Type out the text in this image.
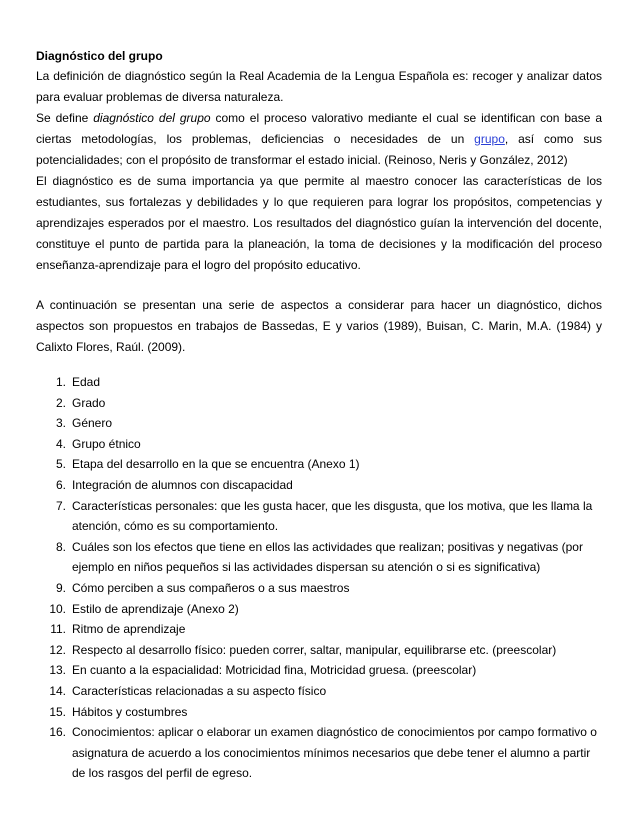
Diagnóstico del grupo

La definición de diagnóstico según la Real Academia de la Lengua Española es: recoger y analizar datos para evaluar problemas de diversa naturaleza.

Se define diagnóstico del grupo como el proceso valorativo mediante el cual se identifican con base a ciertas metodologías, los problemas, deficiencias o necesidades de un grupo, así como sus potencialidades; con el propósito de transformar el estado inicial. (Reinoso, Neris y González, 2012)

El diagnóstico es de suma importancia ya que permite al maestro conocer las características de los estudiantes, sus fortalezas y debilidades y lo que requieren para lograr los propósitos, competencias y aprendizajes esperados por el maestro. Los resultados del diagnóstico guían la intervención del docente, constituye el punto de partida para la planeación, la toma de decisiones y la modificación del proceso enseñanza-aprendizaje para el logro del propósito educativo.

A continuación se presentan una serie de aspectos a considerar para hacer un diagnóstico, dichos aspectos son propuestos en trabajos de Bassedas, E y varios (1989), Buisan, C. Marin, M.A. (1984) y Calixto Flores, Raúl. (2009).

1. Edad
2. Grado
3. Género
4. Grupo étnico
5. Etapa del desarrollo en la que se encuentra (Anexo 1)
6. Integración de alumnos con discapacidad
7. Características personales: que les gusta hacer, que les disgusta, que los motiva, que les llama la atención, cómo es su comportamiento.
8. Cuáles son los efectos que tiene en ellos las actividades que realizan; positivas y negativas (por ejemplo en niños pequeños si las actividades dispersan su atención o si es significativa)
9. Cómo perciben a sus compañeros o a sus maestros
10. Estilo de aprendizaje (Anexo 2)
11. Ritmo de aprendizaje
12. Respecto al desarrollo físico: pueden correr, saltar, manipular, equilibrarse etc. (preescolar)
13. En cuanto a la espacialidad: Motricidad fina, Motricidad gruesa. (preescolar)
14. Características relacionadas a su aspecto físico
15. Hábitos y costumbres
16. Conocimientos: aplicar o elaborar un examen diagnóstico de conocimientos por campo formativo o asignatura de acuerdo a los conocimientos mínimos necesarios que debe tener el alumno a partir de los rasgos del perfil de egreso.
